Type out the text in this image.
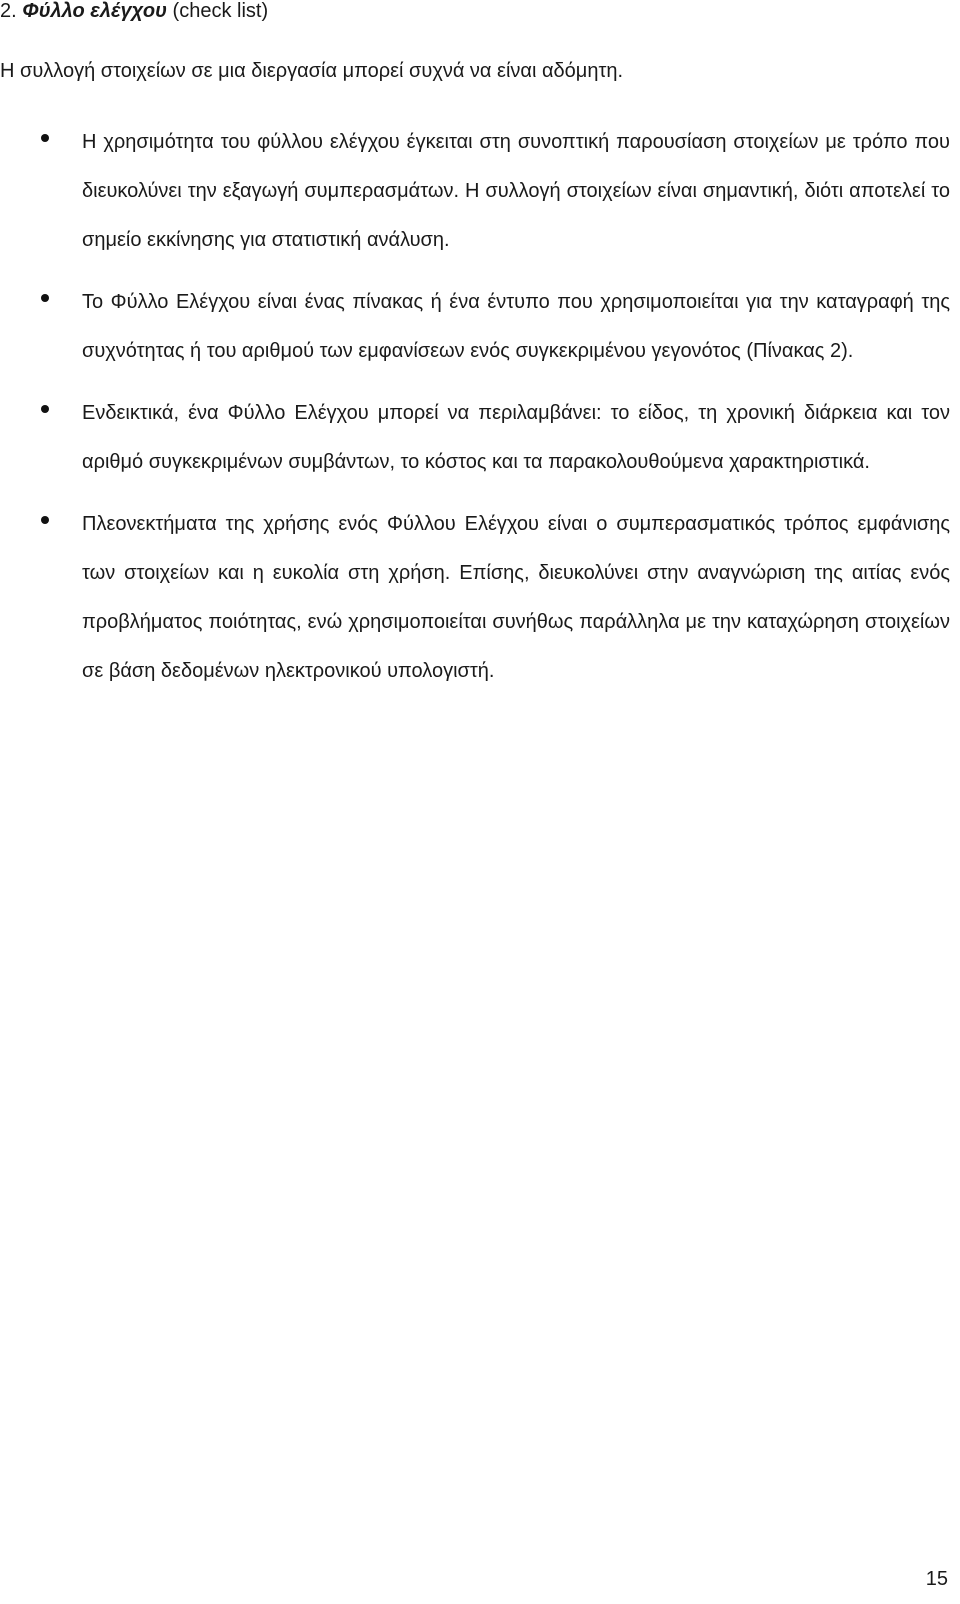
2. Φύλλο ελέγχου (check list)
Η συλλογή στοιχείων σε μια διεργασία μπορεί συχνά να είναι αδόμητη.
Η χρησιμότητα του φύλλου ελέγχου έγκειται στη συνοπτική παρουσίαση στοιχείων με τρόπο που διευκολύνει την εξαγωγή συμπερασμάτων. Η συλλογή στοιχείων είναι σημαντική, διότι αποτελεί το σημείο εκκίνησης για στατιστική ανάλυση.
Το Φύλλο Ελέγχου είναι ένας πίνακας ή ένα έντυπο που χρησιμοποιείται για την καταγραφή της συχνότητας ή του αριθμού των εμφανίσεων ενός συγκεκριμένου γεγονότος (Πίνακας 2).
Ενδεικτικά, ένα Φύλλο Ελέγχου μπορεί να περιλαμβάνει: το είδος, τη χρονική διάρκεια και τον αριθμό συγκεκριμένων συμβάντων, το κόστος και τα παρακολουθούμενα χαρακτηριστικά.
Πλεονεκτήματα της χρήσης ενός Φύλλου Ελέγχου είναι ο συμπερασματικός τρόπος εμφάνισης των στοιχείων και η ευκολία στη χρήση. Επίσης, διευκολύνει στην αναγνώριση της αιτίας ενός προβλήματος ποιότητας, ενώ χρησιμοποιείται συνήθως παράλληλα με την καταχώρηση στοιχείων σε βάση δεδομένων ηλεκτρονικού υπολογιστή.
15
